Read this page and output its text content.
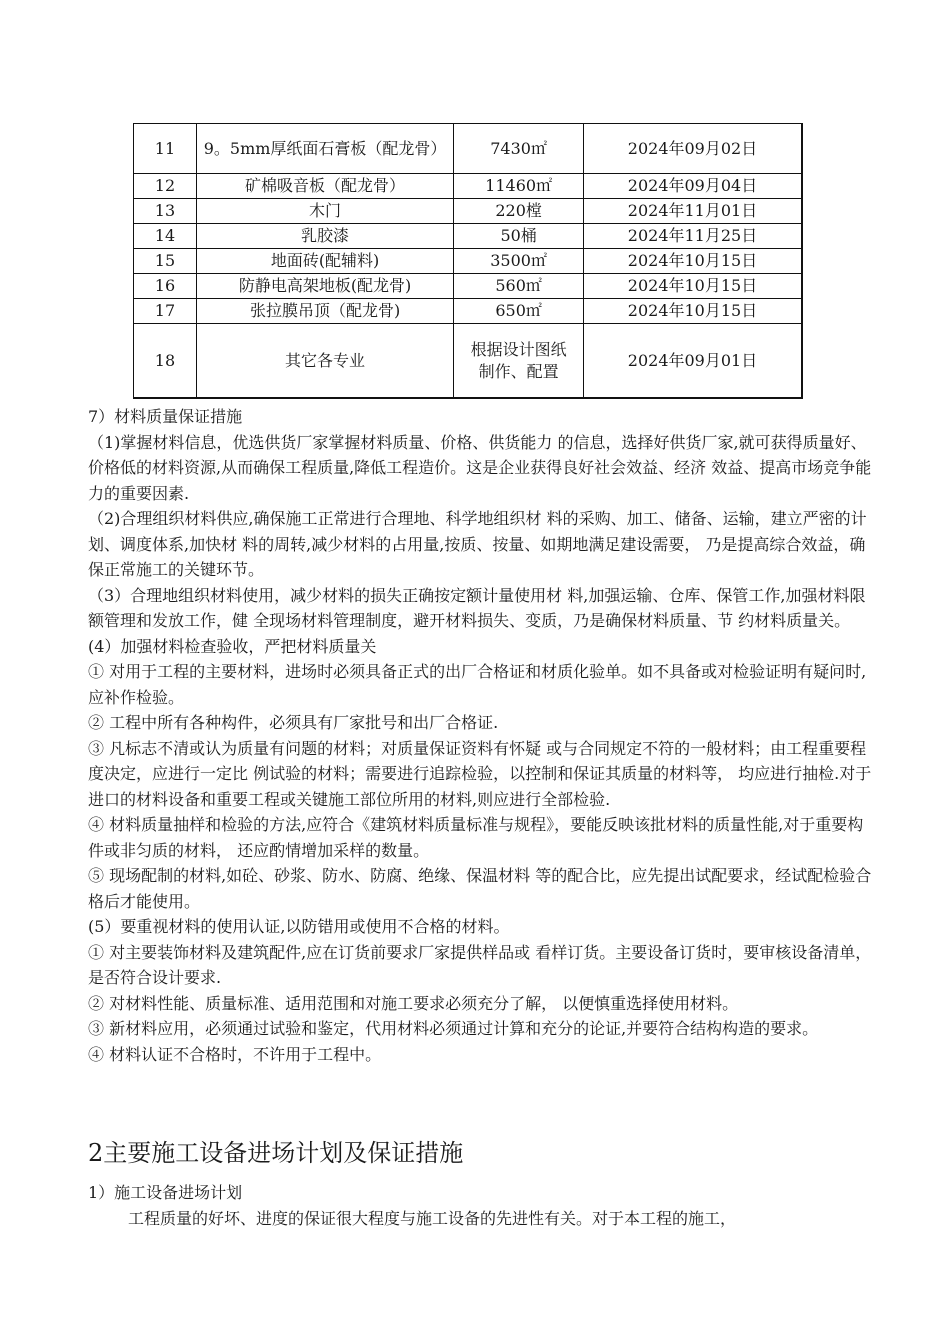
11	9。5mm厚纸面石膏板（配龙骨）	7430㎡	2024年09月02日
12	矿棉吸音板（配龙骨）	11460㎡	2024年09月04日
13	木门	220樘	2024年11月01日
14	乳胶漆	50桶	2024年11月25日
15	地面砖(配辅料)	3500㎡	2024年10月15日
16	防静电高架地板(配龙骨)	560㎡	2024年10月15日
17	张拉膜吊顶（配龙骨)	650㎡	2024年10月15日
18	其它各专业	根据设计图纸制作、配置	2024年09月01日

7）材料质量保证措施

（1)掌握材料信息，优选供货厂家掌握材料质量、价格、供货能力 的信息，选择好供货厂家,就可获得质量好、价格低的材料资源,从而确保工程质量,降低工程造价。这是企业获得良好社会效益、经济 效益、提高市场竞争能力的重要因素.

（2)合理组织材料供应,确保施工正常进行合理地、科学地组织材 料的采购、加工、储备、运输，建立严密的计划、调度体系,加快材 料的周转,减少材料的占用量,按质、按量、如期地满足建设需要， 乃是提高综合效益，确保正常施工的关键环节。

（3）合理地组织材料使用，减少材料的损失正确按定额计量使用材 料,加强运输、仓库、保管工作,加强材料限额管理和发放工作，健 全现场材料管理制度，避开材料损失、变质，乃是确保材料质量、节 约材料质量关。

(4）加强材料检查验收，严把材料质量关

① 对用于工程的主要材料，进场时必须具备正式的出厂合格证和材质化验单。如不具备或对检验证明有疑问时,应补作检验。

② 工程中所有各种构件，必须具有厂家批号和出厂合格证.

③ 凡标志不清或认为质量有问题的材料；对质量保证资料有怀疑 或与合同规定不符的一般材料；由工程重要程度决定，应进行一定比 例试验的材料；需要进行追踪检验，以控制和保证其质量的材料等， 均应进行抽检.对于进口的材料设备和重要工程或关键施工部位所用的材料,则应进行全部检验.

④ 材料质量抽样和检验的方法,应符合《建筑材料质量标准与规程》，要能反映该批材料的质量性能,对于重要构件或非匀质的材料， 还应酌情增加采样的数量。

⑤ 现场配制的材料,如砼、砂浆、防水、防腐、绝缘、保温材料 等的配合比，应先提出试配要求，经试配检验合格后才能使用。

(5）要重视材料的使用认证,以防错用或使用不合格的材料。

① 对主要装饰材料及建筑配件,应在订货前要求厂家提供样品或 看样订货。主要设备订货时，要审核设备清单，是否符合设计要求.

② 对材料性能、质量标准、适用范围和对施工要求必须充分了解， 以便慎重选择使用材料。

③ 新材料应用，必须通过试验和鉴定，代用材料必须通过计算和充分的论证,并要符合结构构造的要求。

④ 材料认证不合格时，不许用于工程中。

2主要施工设备进场计划及保证措施

1）施工设备进场计划

工程质量的好坏、进度的保证很大程度与施工设备的先进性有关。对于本工程的施工，
